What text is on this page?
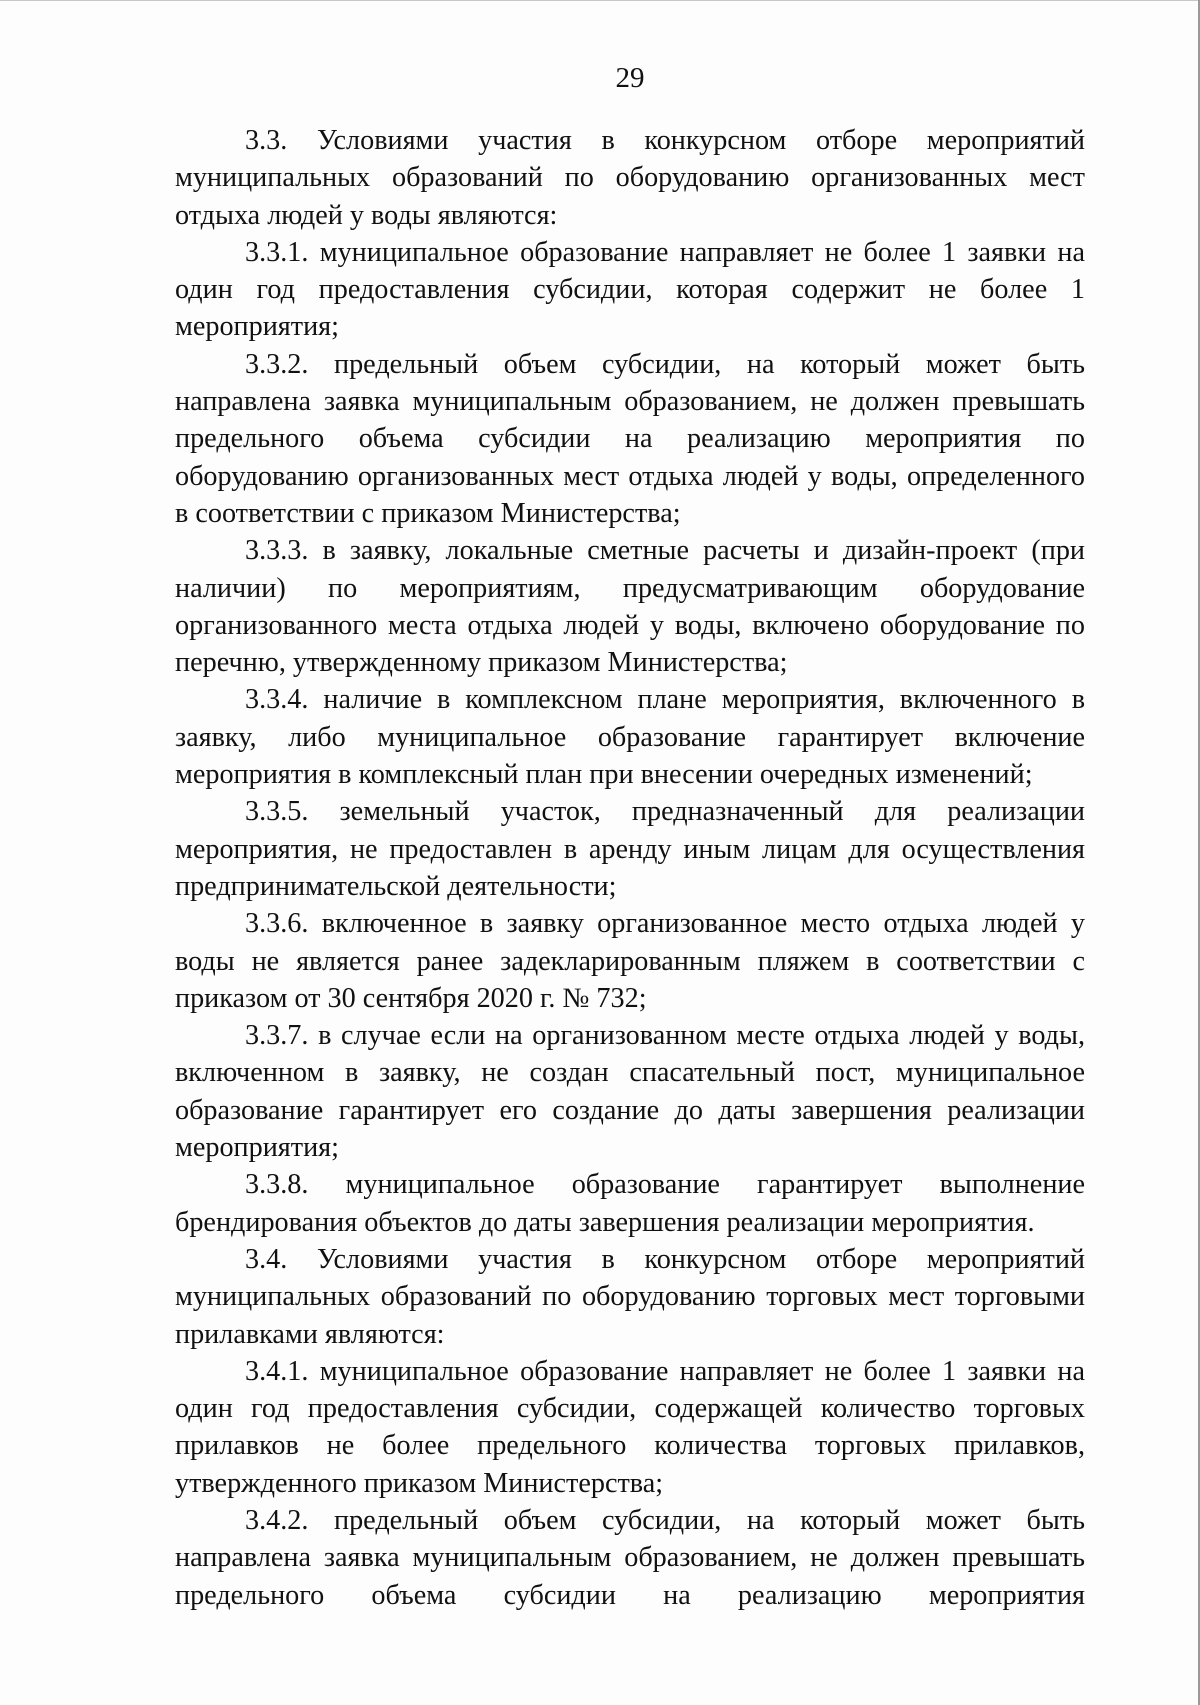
29

3.3. Условиями участия в конкурсном отборе мероприятий муниципальных образований по оборудованию организованных мест отдыха людей у воды являются:

3.3.1. муниципальное образование направляет не более 1 заявки на один год предоставления субсидии, которая содержит не более 1 мероприятия;

3.3.2. предельный объем субсидии, на который может быть направлена заявка муниципальным образованием, не должен превышать предельного объема субсидии на реализацию мероприятия по оборудованию организованных мест отдыха людей у воды, определенного в соответствии с приказом Министерства;

3.3.3. в заявку, локальные сметные расчеты и дизайн-проект (при наличии) по мероприятиям, предусматривающим оборудование организованного места отдыха людей у воды, включено оборудование по перечню, утвержденному приказом Министерства;

3.3.4. наличие в комплексном плане мероприятия, включенного в заявку, либо муниципальное образование гарантирует включение мероприятия в комплексный план при внесении очередных изменений;

3.3.5. земельный участок, предназначенный для реализации мероприятия, не предоставлен в аренду иным лицам для осуществления предпринимательской деятельности;

3.3.6. включенное в заявку организованное место отдыха людей у воды не является ранее задекларированным пляжем в соответствии с приказом от 30 сентября 2020 г. № 732;

3.3.7. в случае если на организованном месте отдыха людей у воды, включенном в заявку, не создан спасательный пост, муниципальное образование гарантирует его создание до даты завершения реализации мероприятия;

3.3.8. муниципальное образование гарантирует выполнение брендирования объектов до даты завершения реализации мероприятия.

3.4. Условиями участия в конкурсном отборе мероприятий муниципальных образований по оборудованию торговых мест торговыми прилавками являются:

3.4.1. муниципальное образование направляет не более 1 заявки на один год предоставления субсидии, содержащей количество торговых прилавков не более предельного количества торговых прилавков, утвержденного приказом Министерства;

3.4.2. предельный объем субсидии, на который может быть направлена заявка муниципальным образованием, не должен превышать предельного объема субсидии на реализацию мероприятия
